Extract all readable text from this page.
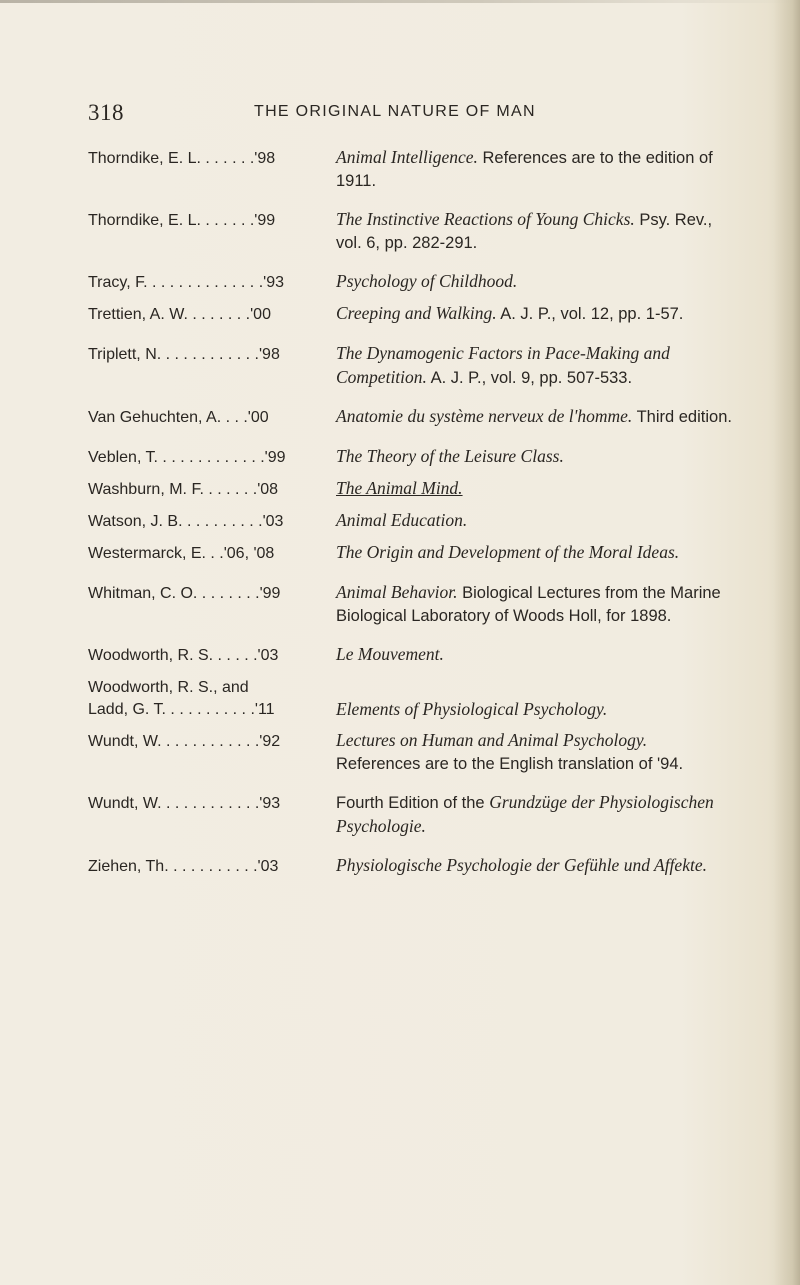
318	THE ORIGINAL NATURE OF MAN
Thorndike, E. L. . . . . . .'98	Animal Intelligence. References are to the edition of 1911.
Thorndike, E. L. . . . . . .'99	The Instinctive Reactions of Young Chicks. Psy. Rev., vol. 6, pp. 282-291.
Tracy, F. . . . . . . . . . . . . .'93	Psychology of Childhood.
Trettien, A. W. . . . . . . .'00	Creeping and Walking. A. J. P., vol. 12, pp. 1-57.
Triplett, N. . . . . . . . . . . .'98	The Dynamogenic Factors in Pace-Making and Competition. A. J. P., vol. 9, pp. 507-533.
Van Gehuchten, A. . . .'00	Anatomie du système nerveux de l'homme. Third edition.
Veblen, T. . . . . . . . . . . . .'99	The Theory of the Leisure Class.
Washburn, M. F. . . . . . .'08	The Animal Mind.
Watson, J. B. . . . . . . . . .'03	Animal Education.
Westermarck, E. . .'06, '08	The Origin and Development of the Moral Ideas.
Whitman, C. O. . . . . . . .'99	Animal Behavior. Biological Lectures from the Marine Biological Laboratory of Woods Holl, for 1898.
Woodworth, R. S. . . . . .'03	Le Mouvement.
Woodworth, R. S., and
Ladd, G. T. . . . . . . . . . .'11	Elements of Physiological Psychology.
Wundt, W. . . . . . . . . . . .'92	Lectures on Human and Animal Psychology. References are to the English translation of '94.
Wundt, W. . . . . . . . . . . .'93	Fourth Edition of the Grundzüge der Physiologischen Psychologie.
Ziehen, Th. . . . . . . . . . .'03	Physiologische Psychologie der Gefühle und Affekte.
